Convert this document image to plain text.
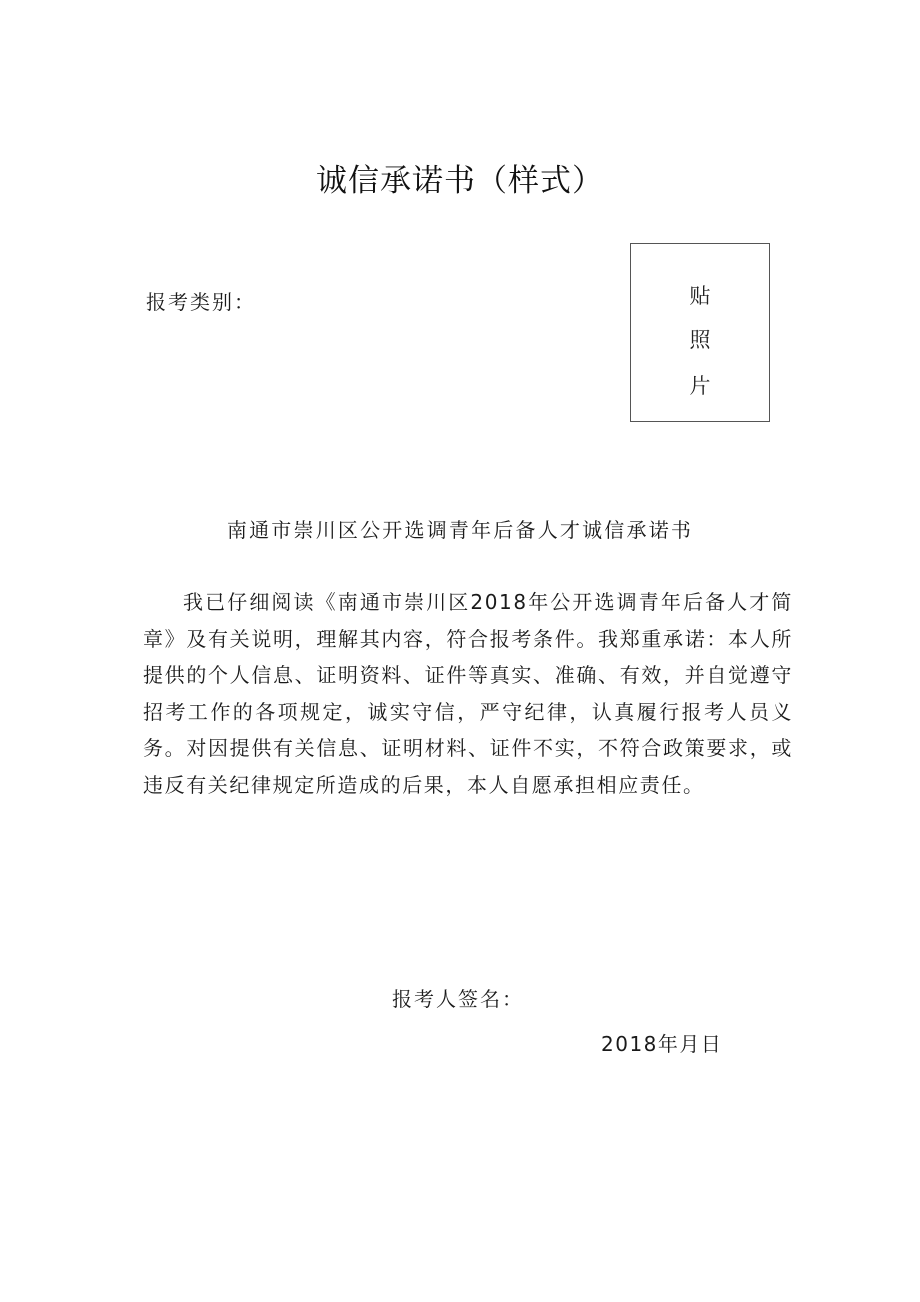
诚信承诺书（样式）
报考类别：	贴
照
片
南通市崇川区公开选调青年后备人才诚信承诺书
我已仔细阅读《南通市崇川区2018年公开选调青年后备人才简章》及有关说明，理解其内容，符合报考条件。我郑重承诺：本人所提供的个人信息、证明资料、证件等真实、准确、有效，并自觉遵守招考工作的各项规定，诚实守信，严守纪律，认真履行报考人员义务。对因提供有关信息、证明材料、证件不实，不符合政策要求，或违反有关纪律规定所造成的后果，本人自愿承担相应责任。
报考人签名：
2018年月日
